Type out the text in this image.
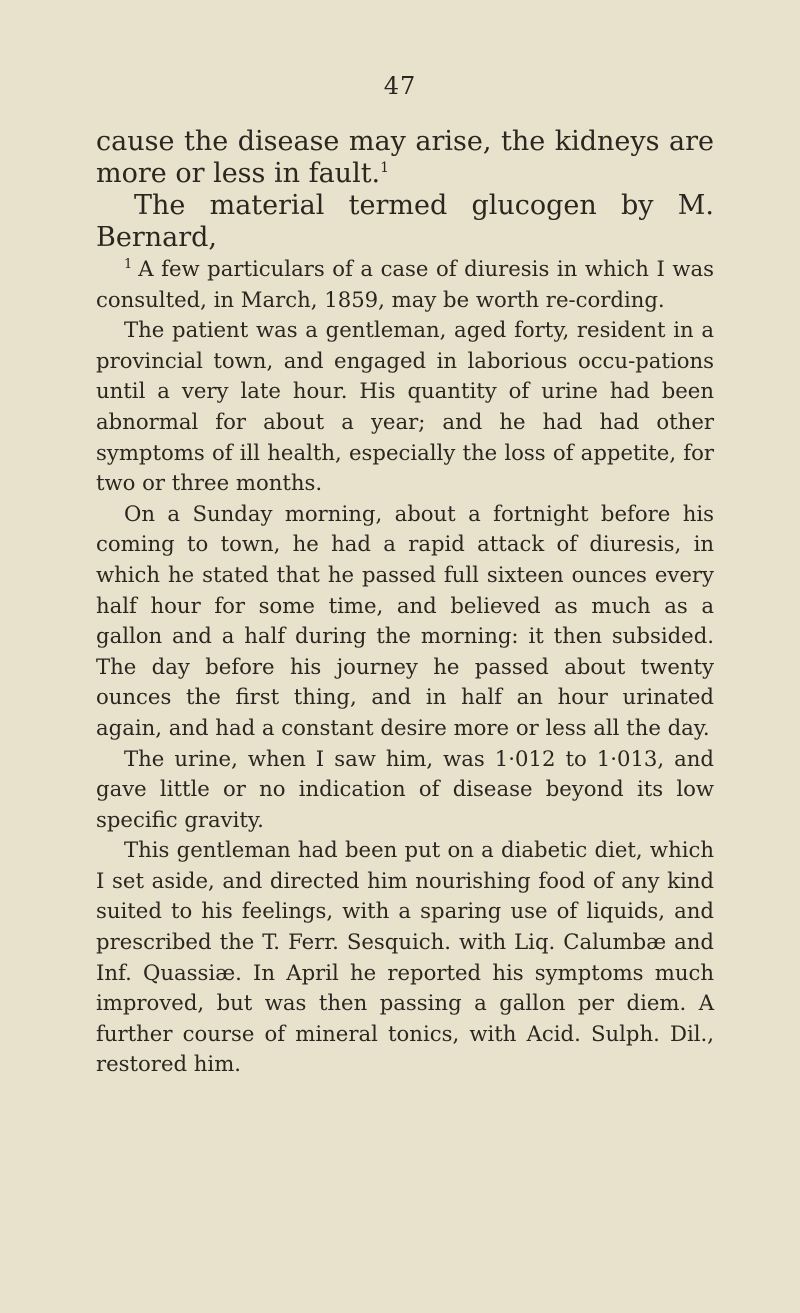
47

cause the disease may arise, the kidneys are more or less in fault.$^1$

The material termed glucogen by M. Bernard,

$^1$ A few particulars of a case of diuresis in which I was consulted, in March, 1859, may be worth re-cording.

The patient was a gentleman, aged forty, resident in a provincial town, and engaged in laborious occu-pations until a very late hour. His quantity of urine had been abnormal for about a year; and he had had other symptoms of ill health, especially the loss of appetite, for two or three months.

On a Sunday morning, about a fortnight before his coming to town, he had a rapid attack of diuresis, in which he stated that he passed full sixteen ounces every half hour for some time, and believed as much as a gallon and a half during the morning: it then subsided. The day before his journey he passed about twenty ounces the first thing, and in half an hour urinated again, and had a constant desire more or less all the day.

The urine, when I saw him, was 1·012 to 1·013, and gave little or no indication of disease beyond its low specific gravity.

This gentleman had been put on a diabetic diet, which I set aside, and directed him nourishing food of any kind suited to his feelings, with a sparing use of liquids, and prescribed the T. Ferr. Sesquich. with Liq. Calumbæ and Inf. Quassiæ. In April he reported his symptoms much improved, but was then passing a gallon per diem. A further course of mineral tonics, with Acid. Sulph. Dil., restored him.
